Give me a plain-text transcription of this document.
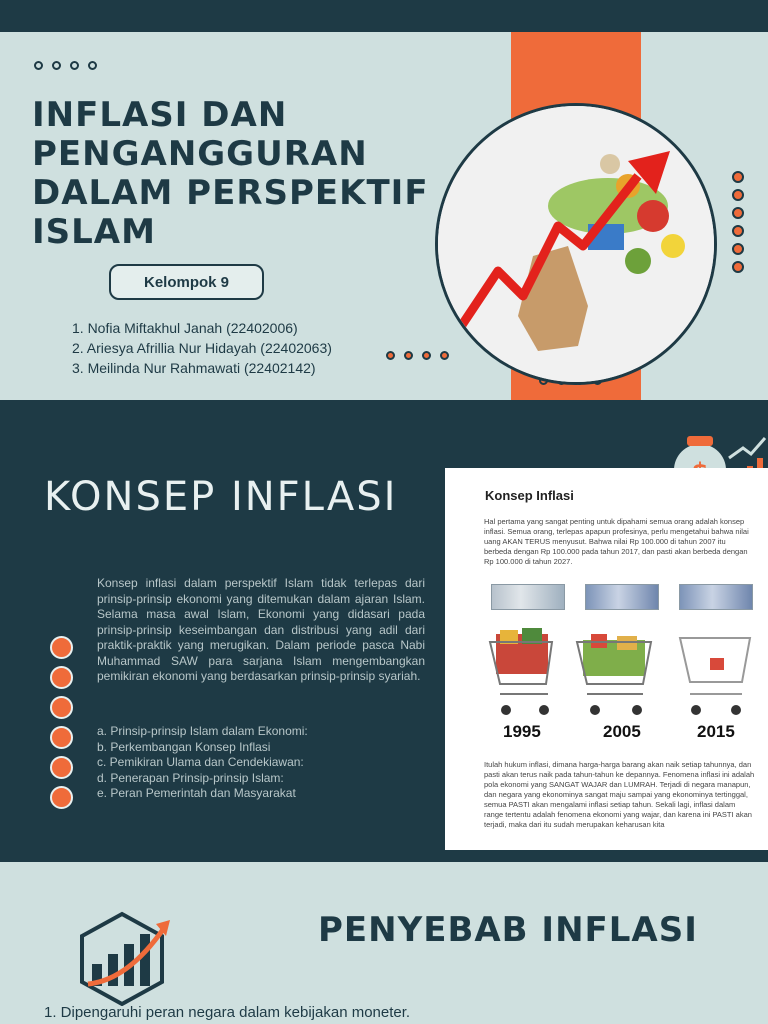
INFLASI DAN PENGANGGURAN DALAM PERSPEKTIF ISLAM
Kelompok 9
1. Nofia Miftakhul Janah (22402006)
2. Ariesya Afrillia Nur Hidayah (22402063)
3. Meilinda Nur Rahmawati (22402142)
KONSEP INFLASI

Konsep inflasi dalam perspektif Islam tidak terlepas dari prinsip-prinsip ekonomi yang ditemukan dalam ajaran Islam. Selama masa awal Islam, Ekonomi yang didasari pada prinsip-prinsip keseimbangan dan distribusi yang adil dari praktik-praktik yang merugikan. Dalam periode pasca Nabi Muhammad SAW para sarjana Islam mengembangkan pemikiran ekonomi yang berdasarkan prinsip-prinsip syariah.

a. Prinsip-prinsip Islam dalam Ekonomi:
b. Perkembangan Konsep Inflasi
c. Pemikiran Ulama dan Cendekiawan:
d. Penerapan Prinsip-prinsip Islam:
e. Peran Pemerintah dan Masyarakat
Konsep Inflasi

Hal pertama yang sangat penting untuk dipahami semua orang adalah konsep inflasi. Semua orang, terlepas apapun profesinya, perlu mengetahui bahwa nilai uang AKAN TERUS menyusut. Bahwa nilai Rp 100.000 di tahun 2007 itu berbeda dengan Rp 100.000 pada tahun 2017, dan pasti akan berbeda dengan Rp 100.000 di tahun 2027.

1995	2005	2015

Itulah hukum inflasi, dimana harga-harga barang akan naik setiap tahunnya, dan pasti akan terus naik pada tahun-tahun ke depannya. Fenomena inflasi ini adalah pola ekonomi yang SANGAT WAJAR dan LUMRAH. Terjadi di negara manapun, dan negara yang ekonominya sangat maju sampai yang ekonominya tertinggal, semua PASTI akan mengalami inflasi setiap tahun. Sekali lagi, inflasi dalam range tertentu adalah fenomena ekonomi yang wajar, dan karena ini PASTI akan terjadi, maka dari itu sudah merupakan keharusan kita

PENYEBAB INFLASI
1. Dipengaruhi peran negara dalam kebijakan moneter.
